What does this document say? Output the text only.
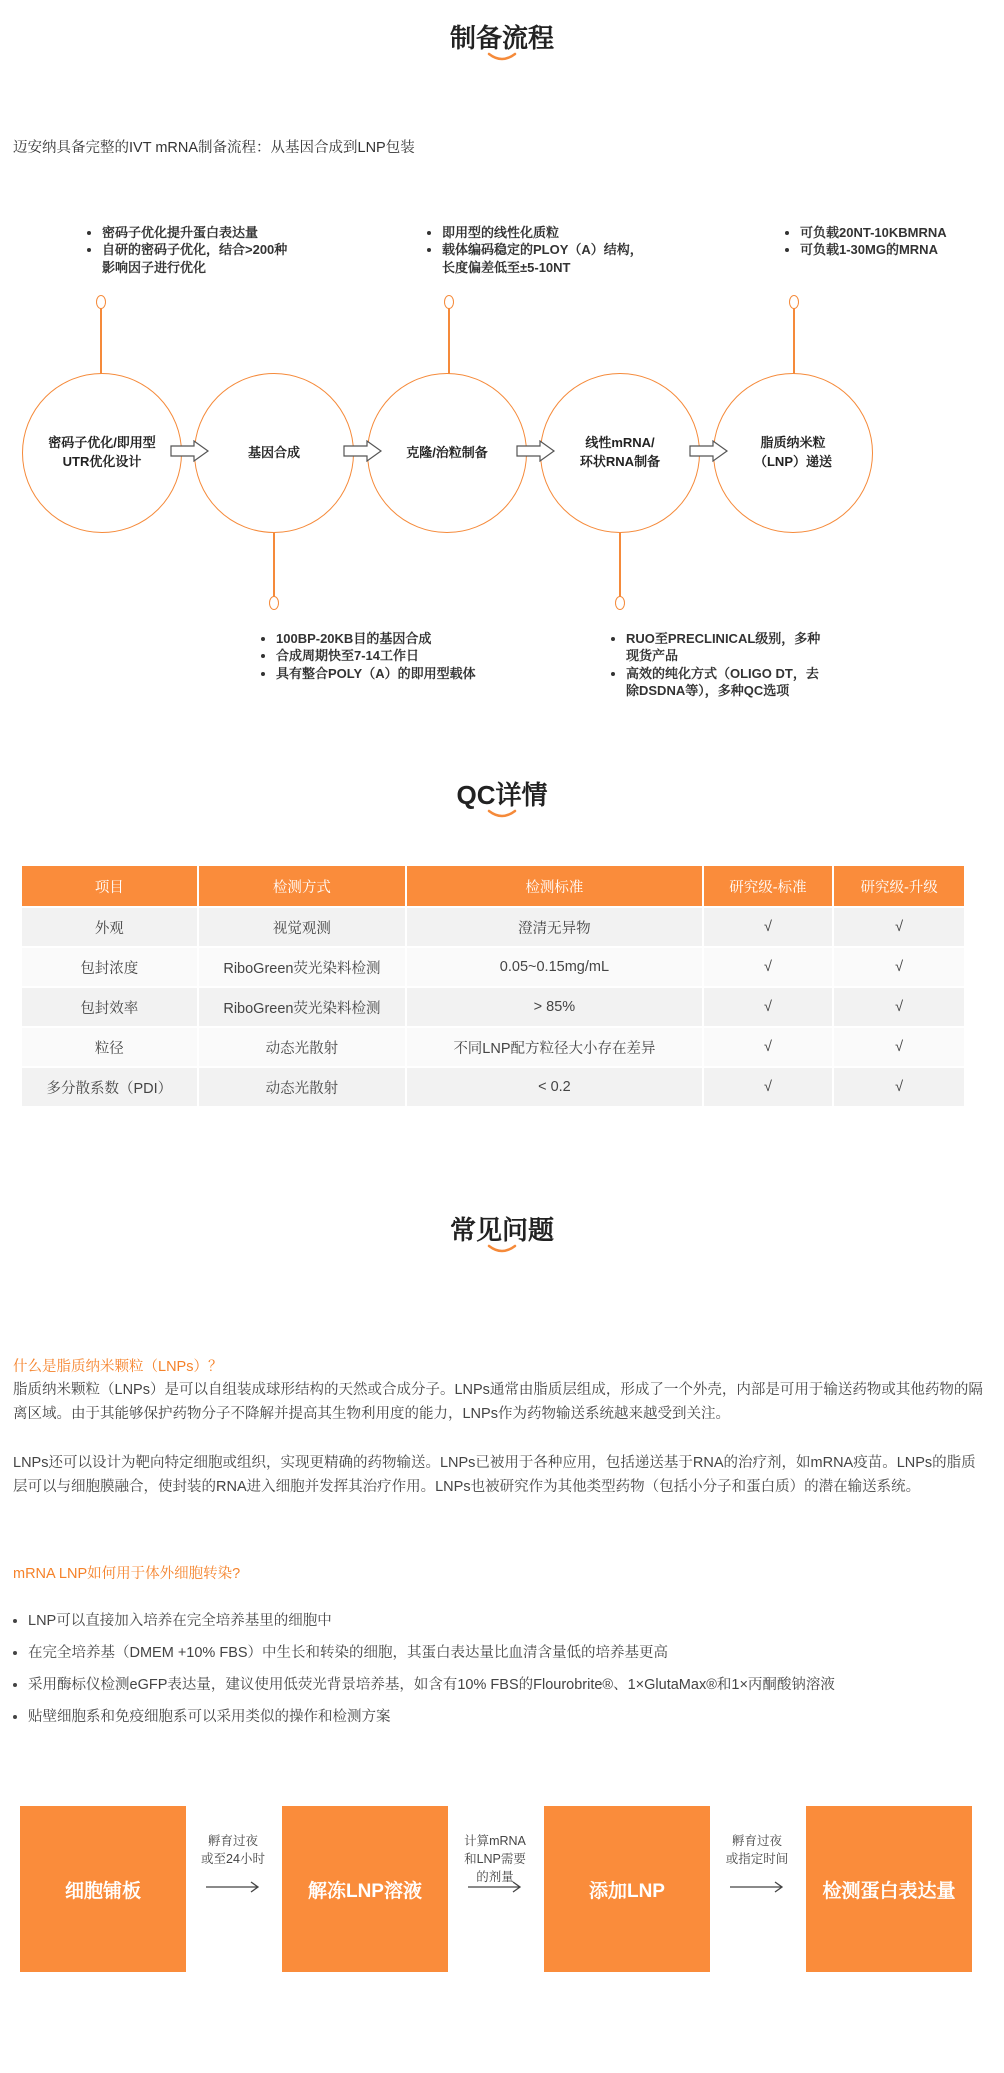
制备流程
迈安纳具备完整的IVT mRNA制备流程：从基因合成到LNP包装
• 密码子优化提升蛋白表达量
• 自研的密码子优化，结合>200种
影响因子进行优化
• 即用型的线性化质粒
• 载体编码稳定的PLOY（A）结构，
长度偏差低至±5-10NT
• 可负载20NT-10KBMRNA
• 可负载1-30MG的MRNA
密码子优化/即用型
UTR优化设计
基因合成	克隆/治粒制备
线性mRNA/
环状RNA制备
脂质纳米粒
（LNP）递送
• 100BP-20KB目的基因合成
• 合成周期快至7-14工作日
• 具有整合POLY（A）的即用型载体
• RUO至PRECLINICAL级别，多种
现货产品
• 高效的纯化方式（OLIGO DT，去
除DSDNA等），多种QC选项
QC详情
项目	检测方式	检测标准	研究级-标准	研究级-升级
外观	视觉观测	澄清无异物	√	√
包封浓度	RiboGreen荧光染料检测	0.05~0.15mg/mL	√	√
包封效率	RiboGreen荧光染料检测	> 85%	√	√
粒径	动态光散射	不同LNP配方粒径大小存在差异	√	√
多分散系数（PDI）	动态光散射	< 0.2	√	√
常见问题
什么是脂质纳米颗粒（LNPs）？

脂质纳米颗粒（LNPs）是可以自组装成球形结构的天然或合成分子。LNPs通常由脂质层组成，形成了一个外壳，内部是可用于输送药物或其他药物的隔离区域。由于其能够保护药物分子不降解并提高其生物利用度的能力，LNPs作为药物输送系统越来越受到关注。

LNPs还可以设计为靶向特定细胞或组织，实现更精确的药物输送。LNPs已被用于各种应用，包括递送基于RNA的治疗剂，如mRNA疫苗。LNPs的脂质层可以与细胞膜融合，使封装的RNA进入细胞并发挥其治疗作用。LNPs也被研究作为其他类型药物（包括小分子和蛋白质）的潜在输送系统。

mRNA LNP如何用于体外细胞转染?
• LNP可以直接加入培养在完全培养基里的细胞中
• 在完全培养基（DMEM +10% FBS）中生长和转染的细胞，其蛋白表达量比血清含量低的培养基更高
• 采用酶标仪检测eGFP表达量，建议使用低荧光背景培养基，如含有10% FBS的Flourobrite®、1×GlutaMax®和1×丙酮酸钠溶液
• 贴壁细胞系和免疫细胞系可以采用类似的操作和检测方案
细胞铺板	解冻LNP溶液	添加LNP	检测蛋白表达量
孵育过夜
或至24小时
计算mRNA
和LNP需要
的剂量
孵育过夜
或指定时间
